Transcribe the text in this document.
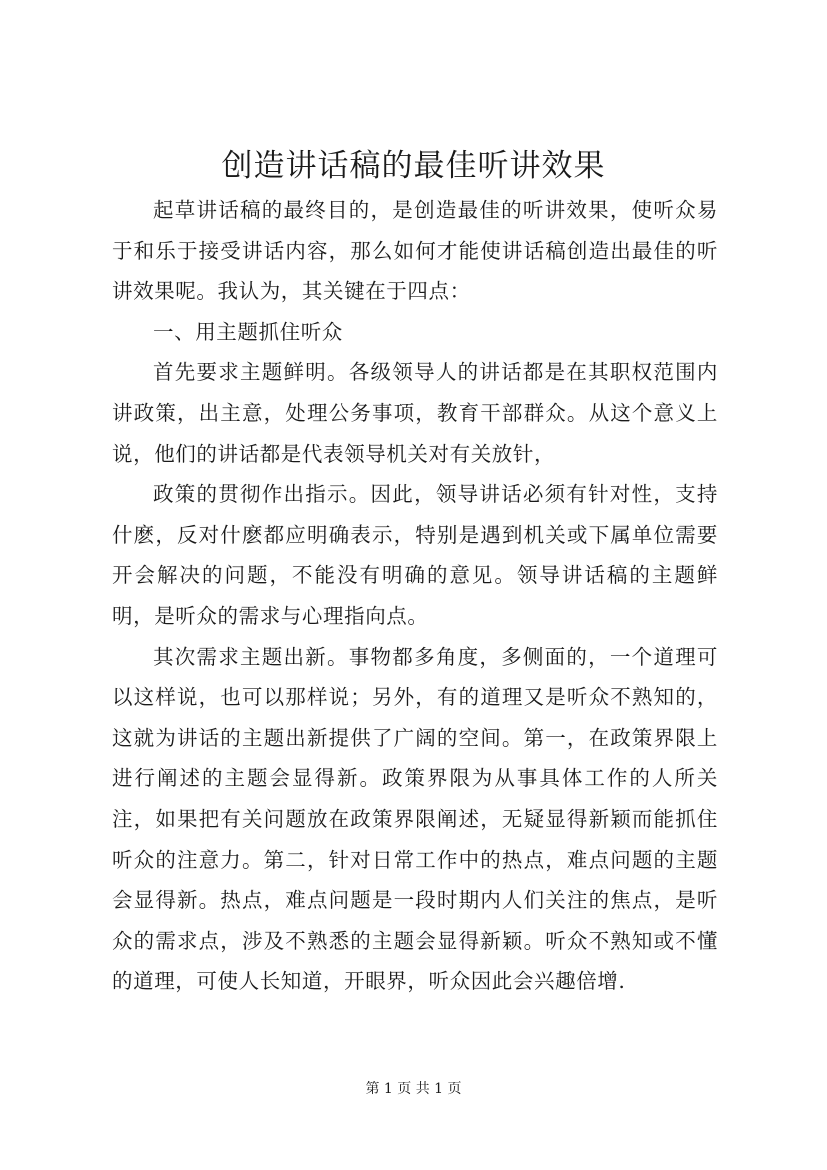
创造讲话稿的最佳听讲效果

起草讲话稿的最终目的，是创造最佳的听讲效果，使听众易于和乐于接受讲话内容，那么如何才能使讲话稿创造出最佳的听讲效果呢。我认为，其关键在于四点：

一、用主题抓住听众

首先要求主题鲜明。各级领导人的讲话都是在其职权范围内讲政策，出主意，处理公务事项，教育干部群众。从这个意义上说，他们的讲话都是代表领导机关对有关放针，

政策的贯彻作出指示。因此，领导讲话必须有针对性，支持什麽，反对什麽都应明确表示，特别是遇到机关或下属单位需要开会解决的问题，不能没有明确的意见。领导讲话稿的主题鲜明，是听众的需求与心理指向点。

其次需求主题出新。事物都多角度，多侧面的，一个道理可以这样说，也可以那样说；另外，有的道理又是听众不熟知的，这就为讲话的主题出新提供了广阔的空间。第一，在政策界限上进行阐述的主题会显得新。政策界限为从事具体工作的人所关注，如果把有关问题放在政策界限阐述，无疑显得新颖而能抓住听众的注意力。第二，针对日常工作中的热点，难点问题的主题会显得新。热点，难点问题是一段时期内人们关注的焦点，是听众的需求点，涉及不熟悉的主题会显得新颖。听众不熟知或不懂的道理，可使人长知道，开眼界，听众因此会兴趣倍增.

第 1 页 共 1 页
